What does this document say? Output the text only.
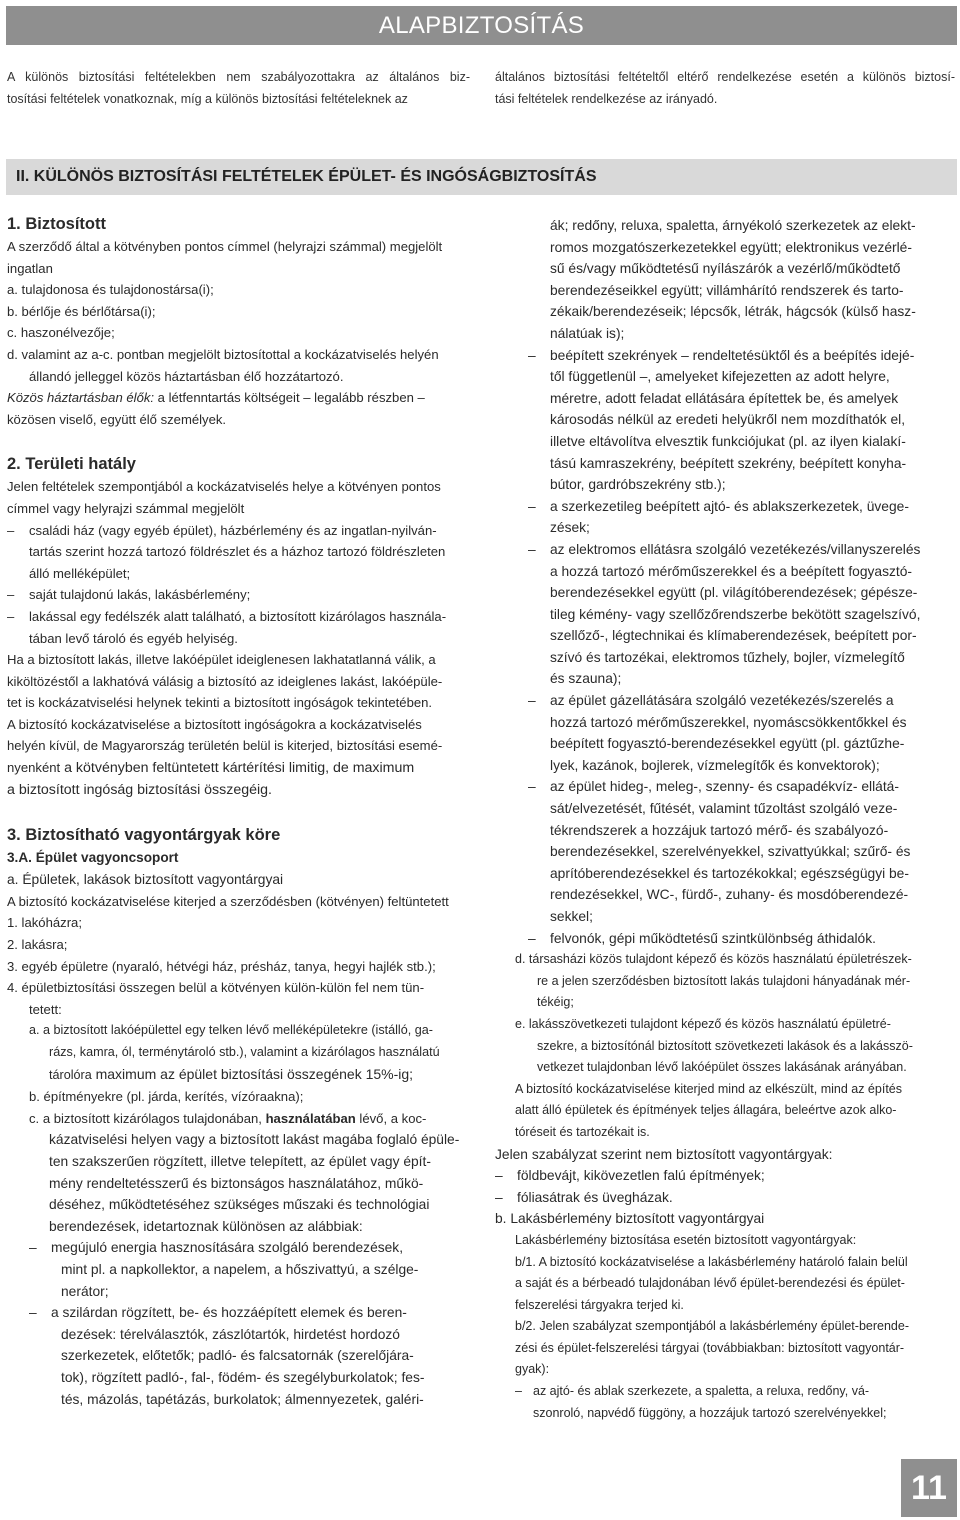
ALAPBIZTOSÍTÁS
A különös biztosítási feltételekben nem szabályozottakra az általános biz-
tosítási feltételek vonatkoznak, míg a különös biztosítási feltételeknek az
általános biztosítási feltételtől eltérő rendelkezése esetén a különös biztosí-
tási feltételek rendelkezése az irányadó.
II. KÜLÖNÖS BIZTOSÍTÁSI FELTÉTELEK ÉPÜLET- ÉS INGÓSÁGBIZTOSÍTÁS
1. Biztosított
A szerződő által a kötvényben pontos címmel (helyrajzi számmal) megjelölt
ingatlan
a. tulajdonosa és tulajdonostársa(i);
b. bérlője és bérlőtársa(i);
c. haszonélvezője;
d. valamint az a-c. pontban megjelölt biztosítottal a kockázatviselés helyén
állandó jelleggel közös háztartásban élő hozzátartozó.
Közös háztartásban élők: a létfenntartás költségeit – legalább részben –
közösen viselő, együtt élő személyek.
2. Területi hatály
Jelen feltételek szempontjából a kockázatviselés helye a kötvényen pontos
címmel vagy helyrajzi számmal megjelölt
– családi ház (vagy egyéb épület), házbérlemény és az ingatlan-nyilván-
tartás szerint hozzá tartozó földrészlet és a házhoz tartozó földrészleten
álló melléképület;
– saját tulajdonú lakás, lakásbérlemény;
– lakással egy fedélszék alatt található, a biztosított kizárólagos használa-
tában levő tároló és egyéb helyiség.
Ha a biztosított lakás, illetve lakóépület ideiglenesen lakhatatlanná válik, a
kiköltözéstől a lakhatóvá válásig a biztosító az ideiglenes lakást, lakóépüle-
tet is kockázatviselési helynek tekinti a biztosított ingóságok tekintetében.
A biztosító kockázatviselése a biztosított ingóságokra a kockázatviselés
helyén kívül, de Magyarország területén belül is kiterjed, biztosítási esemé-
nyenként a kötvényben feltüntetett kártérítési limitig, de maximum
a biztosított ingóság biztosítási összegéig.
3. Biztosítható vagyontárgyak köre
3.A. Épület vagyoncsoport
a. Épületek, lakások biztosított vagyontárgyai
A biztosító kockázatviselése kiterjed a szerződésben (kötvényen) feltüntetett
1. lakóházra;
2. lakásra;
3. egyéb épületre (nyaraló, hétvégi ház, présház, tanya, hegyi hajlék stb.);
4. épületbiztosítási összegen belül a kötvényen külön-külön fel nem tün-
tetett:
a. a biztosított lakóépülettel egy telken lévő melléképületekre (istálló, ga-
rázs, kamra, ól, terménytároló stb.), valamint a kizárólagos használatú
tárolóra maximum az épület biztosítási összegének 15%-ig;
b. építményekre (pl. járda, kerítés, vízóraakna);
c. a biztosított kizárólagos tulajdonában, használatában lévő, a koc-
kázatviselési helyen vagy a biztosított lakást magába foglaló épüle-
ten szakszerűen rögzített, illetve telepített, az épület vagy épít-
mény rendeltetésszerű és biztonságos használatához, műkö-
déséhez, működtetéséhez szükséges műszaki és technológiai
berendezések, idetartoznak különösen az alábbiak:
– megújuló energia hasznosítására szolgáló berendezések,
mint pl. a napkollektor, a napelem, a hőszivattyú, a szélge-
nerátor;
– a szilárdan rögzített, be- és hozzáépített elemek és beren-
dezések: térelválasztók, zászlótartók, hirdetést hordozó
szerkezetek, előtetők; padló- és falcsatornák (szerelőjára-
tok), rögzített padló-, fal-, födém- és szegélyburkolatok; fes-
tés, mázolás, tapétázás, burkolatok; álmennyezetek, galéri-
ák; redőny, reluxa, spaletta, árnyékoló szerkezetek az elekt-
romos mozgatószerkezetekkel együtt; elektronikus vezérlé-
sű és/vagy működtetésű nyílászárók a vezérlő/működtető
berendezéseikkel együtt; villámhárító rendszerek és tarto-
zékaik/berendezéseik; lépcsők, létrák, hágcsók (külső hasz-
nálatúak is);
– beépített szekrények – rendeltetésüktől és a beépítés idejé-
től függetlenül –, amelyeket kifejezetten az adott helyre,
méretre, adott feladat ellátására építettek be, és amelyek
károsodás nélkül az eredeti helyükről nem mozdíthatók el,
illetve eltávolítva elvesztik funkciójukat (pl. az ilyen kialakí-
tású kamraszekrény, beépített szekrény, beépített konyha-
bútor, gardróbszekrény stb.);
– a szerkezetileg beépített ajtó- és ablakszerkezetek, üvege-
zések;
– az elektromos ellátásra szolgáló vezetékezés/villanyszerelés
a hozzá tartozó mérőműszerekkel és a beépített fogyasztó-
berendezésekkel együtt (pl. világítóberendezések; gépésze-
tileg kémény- vagy szellőzőrendszerbe bekötött szagelszívó,
szellőző-, légtechnikai és klímaberendezések, beépített por-
szívó és tartozékai, elektromos tűzhely, bojler, vízmelegítő
és szauna);
– az épület gázellátására szolgáló vezetékezés/szerelés a
hozzá tartozó mérőműszerekkel, nyomáscsökkentőkkel és
beépített fogyasztó-berendezésekkel együtt (pl. gáztűzhe-
lyek, kazánok, bojlerek, vízmelegítők és konvektorok);
– az épület hideg-, meleg-, szenny- és csapadékvíz- ellátá-
sát/elvezetését, fűtését, valamint tűzoltást szolgáló veze-
tékrendszerek a hozzájuk tartozó mérő- és szabályozó-
berendezésekkel, szerelvényekkel, szivattyúkkal; szűrő- és
aprítóberendezésekkel és tartozékokkal; egészségügyi be-
rendezésekkel, WC-, fürdő-, zuhany- és mosdóberendezé-
sekkel;
– felvonók, gépi működtetésű szintkülönbség áthidalók.
d. társasházi közös tulajdont képező és közös használatú épületrészek-
re a jelen szerződésben biztosított lakás tulajdoni hányadának mér-
tékéig;
e. lakásszövetkezeti tulajdont képező és közös használatú épületré-
szekre, a biztosítónál biztosított szövetkezeti lakások és a lakásszö-
vetkezet tulajdonban lévő lakóépület összes lakásának arányában.
A biztosító kockázatviselése kiterjed mind az elkészült, mind az építés
alatt álló épületek és építmények teljes állagára, beleértve azok alko-
tóréseit és tartozékait is.
Jelen szabályzat szerint nem biztosított vagyontárgyak:
– földbevájt, kikövezetlen falú építmények;
– fóliasátrak és üvegházak.
b. Lakásbérlemény biztosított vagyontárgyai
Lakásbérlemény biztosítása esetén biztosított vagyontárgyak:
b/1. A biztosító kockázatviselése a lakásbérlemény határoló falain belül
a saját és a bérbeadó tulajdonában lévő épület-berendezési és épület-
felszerelési tárgyakra terjed ki.
b/2. Jelen szabályzat szempontjából a lakásbérlemény épület-berende-
zési és épület-felszerelési tárgyai (továbbiakban: biztosított vagyontár-
gyak):
– az ajtó- és ablak szerkezete, a spaletta, a reluxa, redőny, vá-
szonroló, napvédő függöny, a hozzájuk tartozó szerelvényekkel;
11
